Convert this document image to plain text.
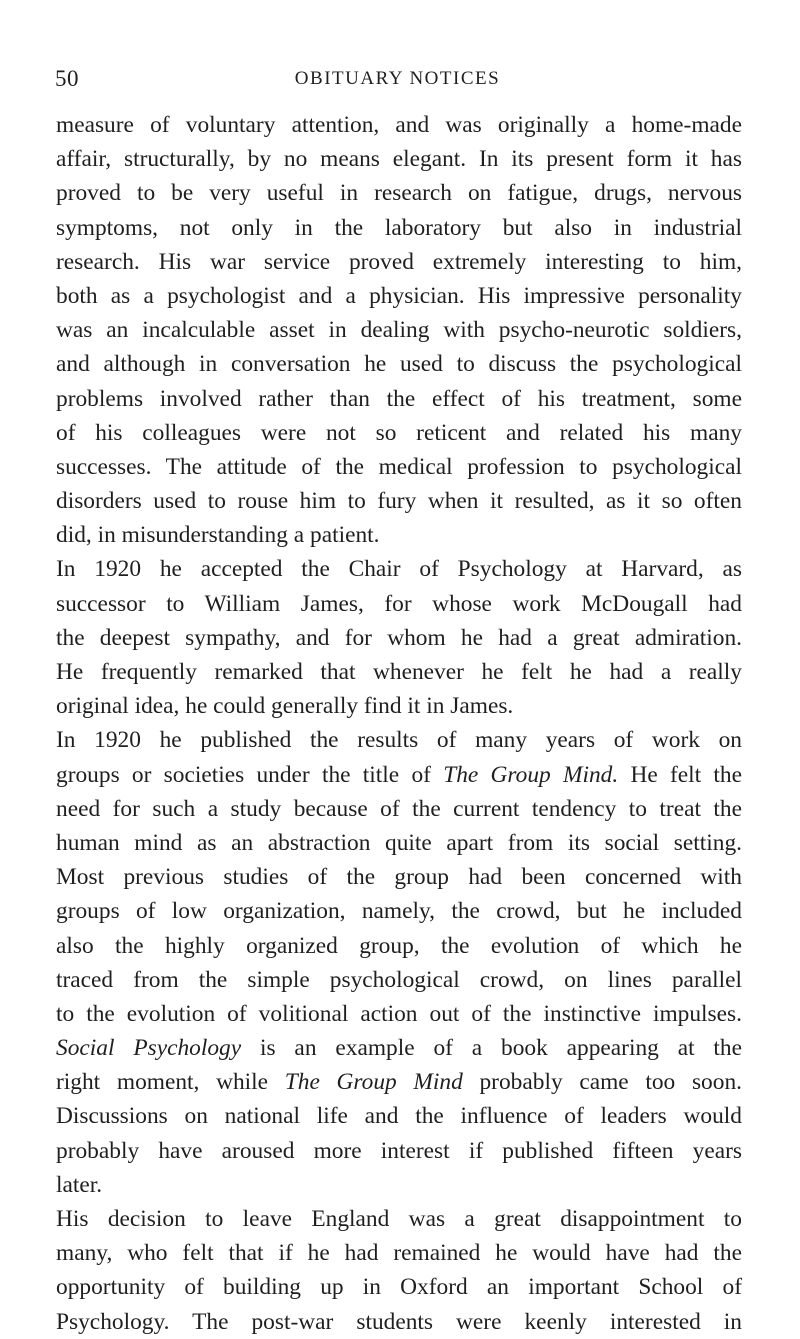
50	OBITUARY NOTICES
measure of voluntary attention, and was originally a home-made
affair, structurally, by no means elegant. In its present form it has
proved to be very useful in research on fatigue, drugs, nervous
symptoms, not only in the laboratory but also in industrial
research. His war service proved extremely interesting to him,
both as a psychologist and a physician. His impressive personality
was an incalculable asset in dealing with psycho-neurotic soldiers,
and although in conversation he used to discuss the psychological
problems involved rather than the effect of his treatment, some
of his colleagues were not so reticent and related his many
successes. The attitude of the medical profession to psychological
disorders used to rouse him to fury when it resulted, as it so often
did, in misunderstanding a patient.
In 1920 he accepted the Chair of Psychology at Harvard, as
successor to William James, for whose work McDougall had
the deepest sympathy, and for whom he had a great admiration.
He frequently remarked that whenever he felt he had a really
original idea, he could generally find it in James.
In 1920 he published the results of many years of work on
groups or societies under the title of The Group Mind. He felt the
need for such a study because of the current tendency to treat the
human mind as an abstraction quite apart from its social setting.
Most previous studies of the group had been concerned with
groups of low organization, namely, the crowd, but he included
also the highly organized group, the evolution of which he
traced from the simple psychological crowd, on lines parallel
to the evolution of volitional action out of the instinctive impulses.
Social Psychology is an example of a book appearing at the
right moment, while The Group Mind probably came too soon.
Discussions on national life and the influence of leaders would
probably have aroused more interest if published fifteen years
later.
His decision to leave England was a great disappointment to
many, who felt that if he had remained he would have had the
opportunity of building up in Oxford an important School of
Psychology. The post-war students were keenly interested in
